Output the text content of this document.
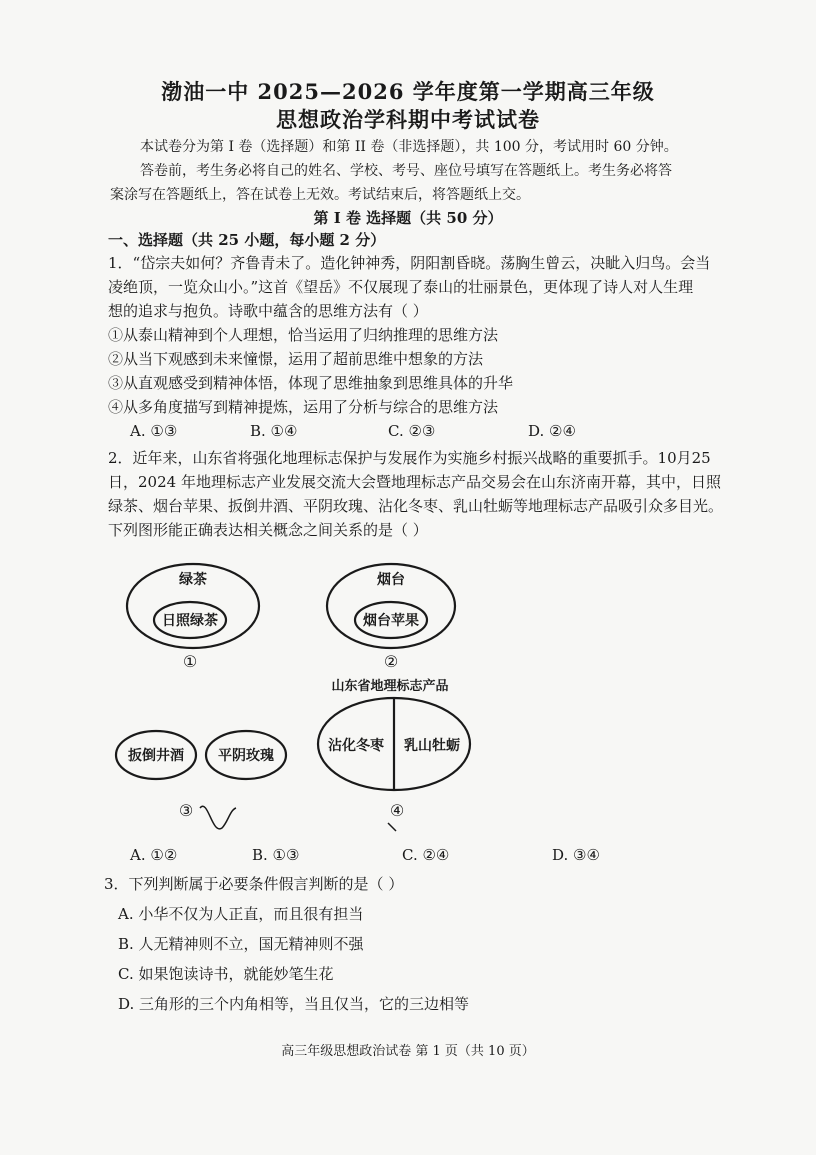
渤油一中 2025—2026 学年度第一学期高三年级
思想政治学科期中考试试卷
本试卷分为第 I 卷（选择题）和第 II 卷（非选择题），共 100 分，考试用时 60 分钟。
答卷前，考生务必将自己的姓名、学校、考号、座位号填写在答题纸上。考生务必将答
案涂写在答题纸上，答在试卷上无效。考试结束后，将答题纸上交。
第 I 卷 选择题（共 50 分）
一、选择题（共 25 小题，每小题 2 分）
1．“岱宗夫如何？齐鲁青未了。造化钟神秀，阴阳割昏晓。荡胸生曾云，决眦入归鸟。会当
凌绝顶，一览众山小。”这首《望岳》不仅展现了泰山的壮丽景色，更体现了诗人对人生理
想的追求与抱负。诗歌中蕴含的思维方法有（ ）
①从泰山精神到个人理想，恰当运用了归纳推理的思维方法
②从当下观感到未来憧憬，运用了超前思维中想象的方法
③从直观感受到精神体悟，体现了思维抽象到思维具体的升华
④从多角度描写到精神提炼，运用了分析与综合的思维方法
A. ①③	B. ①④	C. ②③	D. ②④
2．近年来，山东省将强化地理标志保护与发展作为实施乡村振兴战略的重要抓手。10月25
日，2024 年地理标志产业发展交流大会暨地理标志产品交易会在山东济南开幕，其中，日照
绿茶、烟台苹果、扳倒井酒、平阴玫瑰、沾化冬枣、乳山牡蛎等地理标志产品吸引众多目光。
下列图形能正确表达相关概念之间关系的是（ ）
绿茶
日照绿茶
①
烟台
烟台苹果
②
扳倒井酒 平阴玫瑰
③
山东省地理标志产品
沾化冬枣 乳山牡蛎
④
A. ①②	B. ①③	C. ②④	D. ③④
3．下列判断属于必要条件假言判断的是（ ）
A. 小华不仅为人正直，而且很有担当
B. 人无精神则不立，国无精神则不强
C. 如果饱读诗书，就能妙笔生花
D. 三角形的三个内角相等，当且仅当，它的三边相等
高三年级思想政治试卷 第 1 页（共 10 页）
